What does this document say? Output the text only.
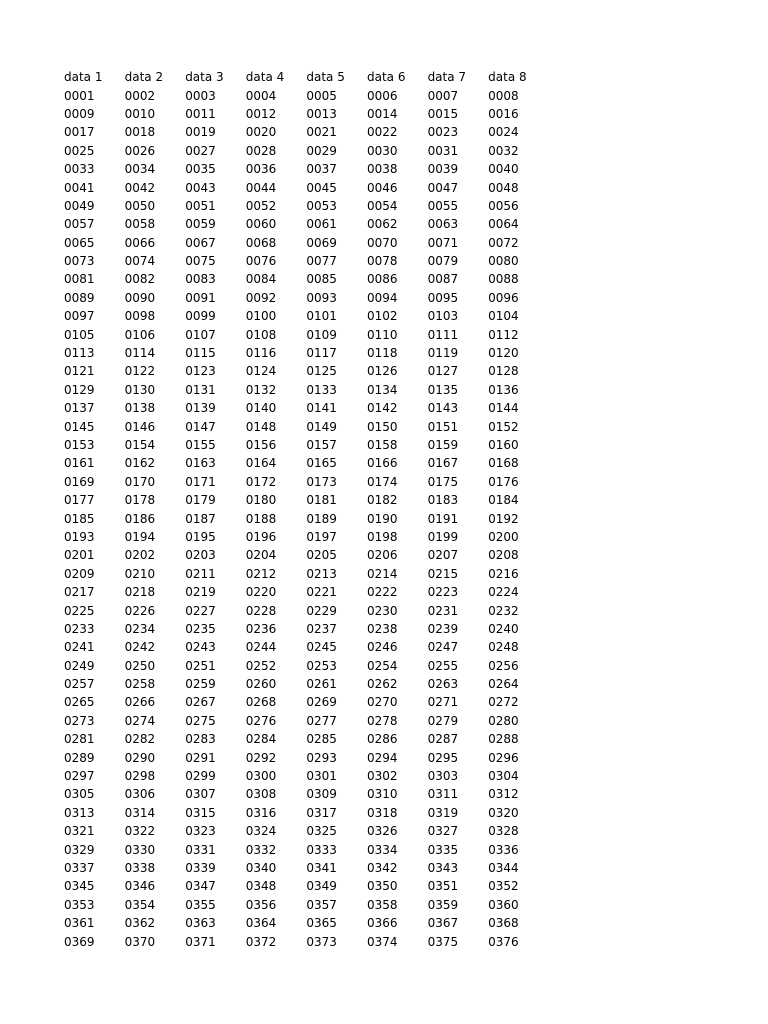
data 1	data 2	data 3	data 4	data 5	data 6	data 7	data 8
0001	0002	0003	0004	0005	0006	0007	0008
0009	0010	0011	0012	0013	0014	0015	0016
0017	0018	0019	0020	0021	0022	0023	0024
0025	0026	0027	0028	0029	0030	0031	0032
0033	0034	0035	0036	0037	0038	0039	0040
0041	0042	0043	0044	0045	0046	0047	0048
0049	0050	0051	0052	0053	0054	0055	0056
0057	0058	0059	0060	0061	0062	0063	0064
0065	0066	0067	0068	0069	0070	0071	0072
0073	0074	0075	0076	0077	0078	0079	0080
0081	0082	0083	0084	0085	0086	0087	0088
0089	0090	0091	0092	0093	0094	0095	0096
0097	0098	0099	0100	0101	0102	0103	0104
0105	0106	0107	0108	0109	0110	0111	0112
0113	0114	0115	0116	0117	0118	0119	0120
0121	0122	0123	0124	0125	0126	0127	0128
0129	0130	0131	0132	0133	0134	0135	0136
0137	0138	0139	0140	0141	0142	0143	0144
0145	0146	0147	0148	0149	0150	0151	0152
0153	0154	0155	0156	0157	0158	0159	0160
0161	0162	0163	0164	0165	0166	0167	0168
0169	0170	0171	0172	0173	0174	0175	0176
0177	0178	0179	0180	0181	0182	0183	0184
0185	0186	0187	0188	0189	0190	0191	0192
0193	0194	0195	0196	0197	0198	0199	0200
0201	0202	0203	0204	0205	0206	0207	0208
0209	0210	0211	0212	0213	0214	0215	0216
0217	0218	0219	0220	0221	0222	0223	0224
0225	0226	0227	0228	0229	0230	0231	0232
0233	0234	0235	0236	0237	0238	0239	0240
0241	0242	0243	0244	0245	0246	0247	0248
0249	0250	0251	0252	0253	0254	0255	0256
0257	0258	0259	0260	0261	0262	0263	0264
0265	0266	0267	0268	0269	0270	0271	0272
0273	0274	0275	0276	0277	0278	0279	0280
0281	0282	0283	0284	0285	0286	0287	0288
0289	0290	0291	0292	0293	0294	0295	0296
0297	0298	0299	0300	0301	0302	0303	0304
0305	0306	0307	0308	0309	0310	0311	0312
0313	0314	0315	0316	0317	0318	0319	0320
0321	0322	0323	0324	0325	0326	0327	0328
0329	0330	0331	0332	0333	0334	0335	0336
0337	0338	0339	0340	0341	0342	0343	0344
0345	0346	0347	0348	0349	0350	0351	0352
0353	0354	0355	0356	0357	0358	0359	0360
0361	0362	0363	0364	0365	0366	0367	0368
0369	0370	0371	0372	0373	0374	0375	0376
